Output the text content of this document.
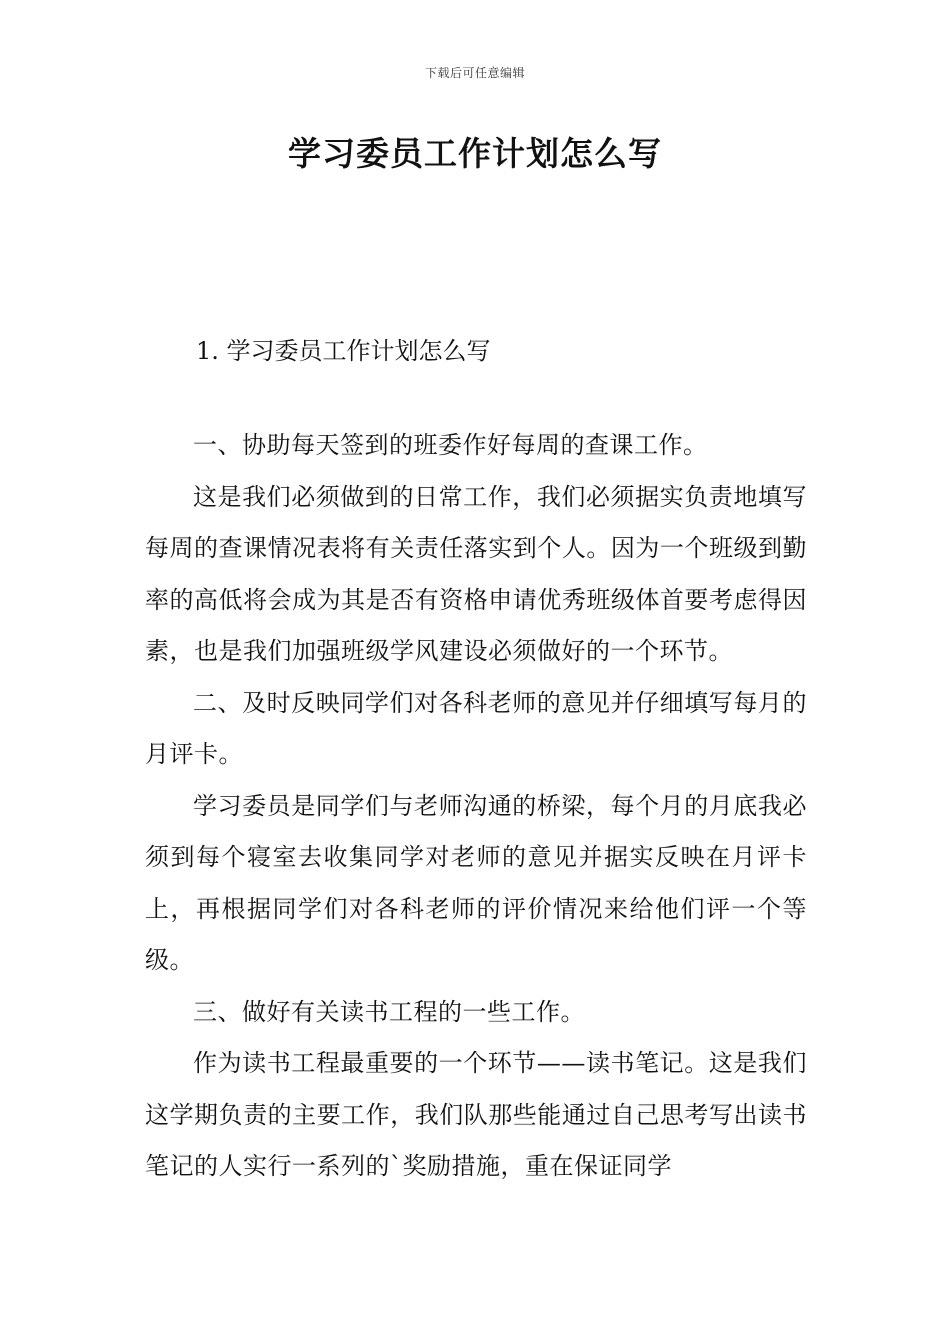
下载后可任意编辑
学习委员工作计划怎么写
1. 学习委员工作计划怎么写

一、协助每天签到的班委作好每周的查课工作。

这是我们必须做到的日常工作，我们必须据实负责地填写每周的查课情况表将有关责任落实到个人。因为一个班级到勤率的高低将会成为其是否有资格申请优秀班级体首要考虑得因素，也是我们加强班级学风建设必须做好的一个环节。

二、及时反映同学们对各科老师的意见并仔细填写每月的月评卡。

学习委员是同学们与老师沟通的桥梁，每个月的月底我必须到每个寝室去收集同学对老师的意见并据实反映在月评卡上，再根据同学们对各科老师的评价情况来给他们评一个等级。

三、做好有关读书工程的一些工作。

作为读书工程最重要的一个环节——读书笔记。这是我们这学期负责的主要工作，我们队那些能通过自己思考写出读书笔记的人实行一系列的`奖励措施，重在保证同学
